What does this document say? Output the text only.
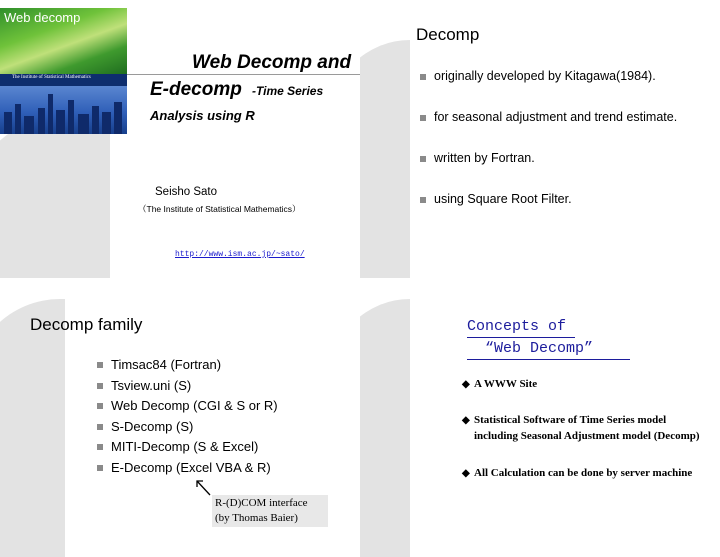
Web decomp
The Institute of Statistical Mathematics
Web Decomp and
E-decomp -Time Series
Analysis using R
Seisho Sato
（The Institute of Statistical Mathematics）
http://www.ism.ac.jp/~sato/
Decomp
originally developed by Kitagawa(1984).
for seasonal adjustment and trend estimate.
written by Fortran.
using Square Root Filter.
Decomp family
Timsac84 (Fortran)
Tsview.uni (S)
Web Decomp (CGI & S or R)
S-Decomp (S)
MITI-Decomp (S & Excel)
E-Decomp (Excel VBA & R)
R-(D)COM interface
(by Thomas Baier)
Concepts of
“Web Decomp”
◆ A WWW Site
◆ Statistical Software of Time Series model including Seasonal Adjustment model (Decomp)
◆ All Calculation can be done by server machine
